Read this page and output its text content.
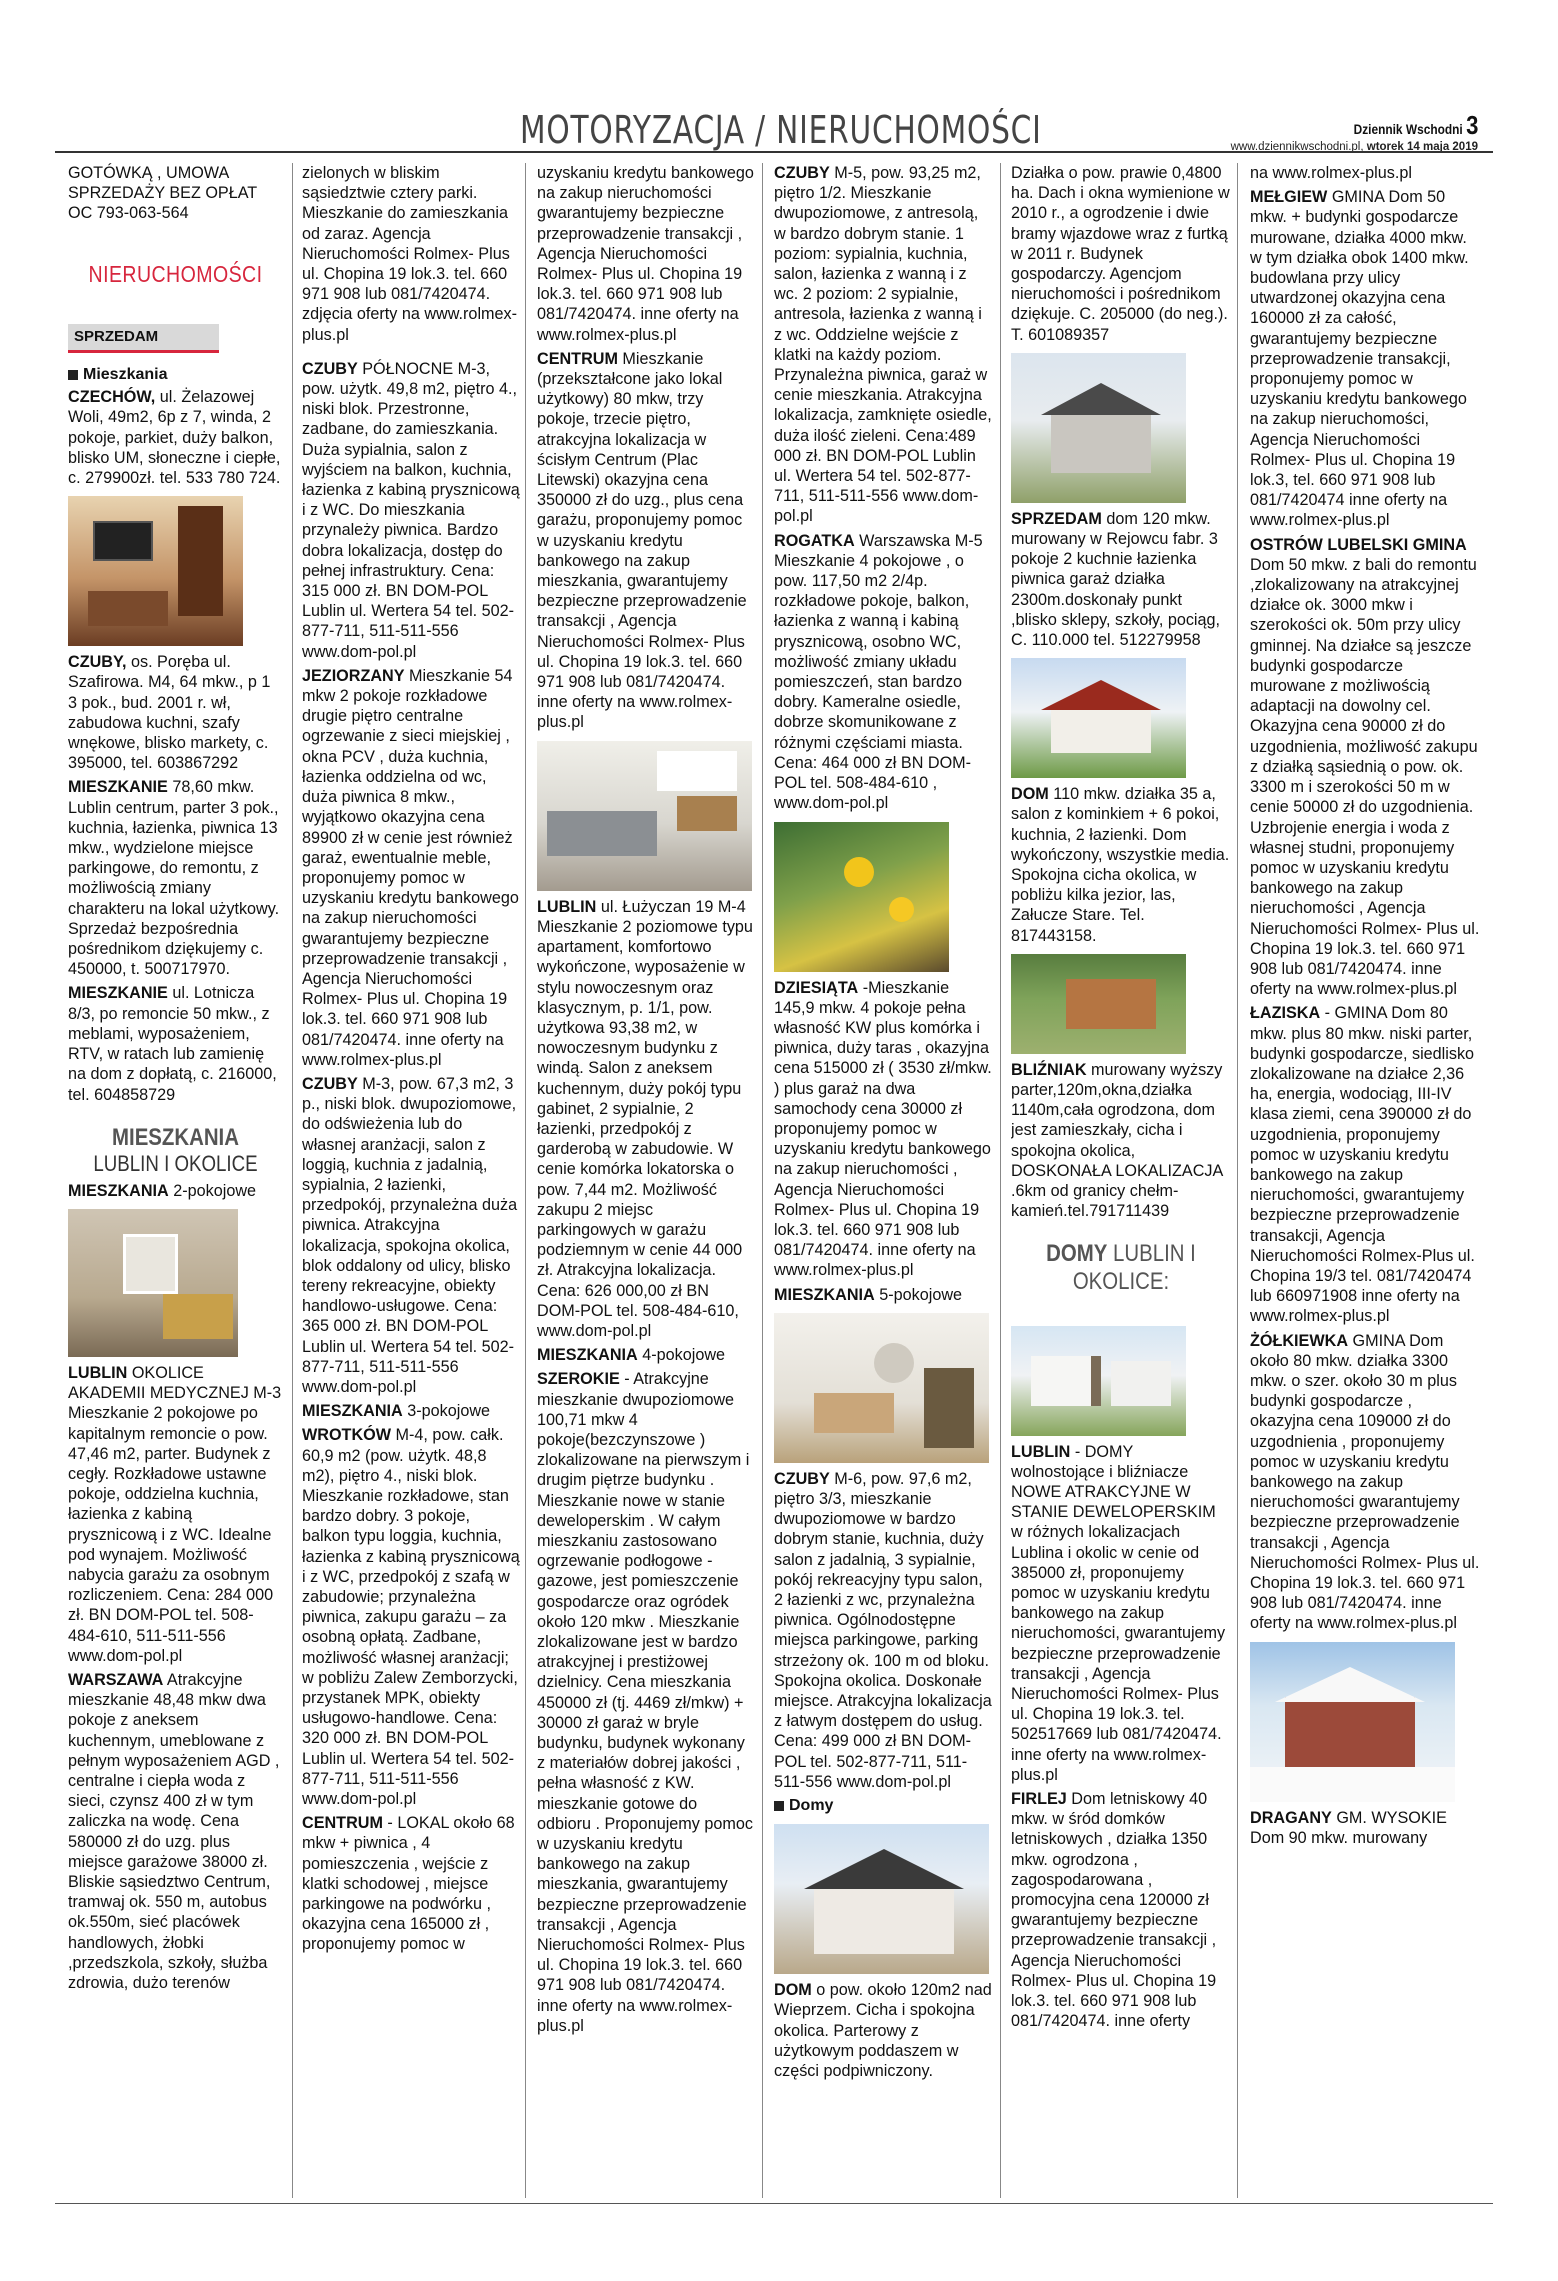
MOTORYZACJA / NIERUCHOMOŚCI	Dziennik Wschodni 3
www.dziennikwschodni.pl, wtorek 14 maja 2019

GOTÓWKĄ , UMOWA SPRZEDAŻY BEZ OPŁAT OC 793-063-564

NIERUCHOMOŚCI
SPRZEDAM
Mieszkania

CZECHÓW, ul. Żelazowej Woli, 49m2, 6p z 7, winda, 2 pokoje, parkiet, duży balkon, blisko UM, słoneczne i ciepłe, c. 279900zł. tel. 533 780 724.

CZUBY, os. Poręba ul. Szafirowa. M4, 64 mkw., p 1 3 pok., bud. 2001 r. wł, zabudowa kuchni, szafy wnękowe, blisko markety, c. 395000, tel. 603867292

MIESZKANIE 78,60 mkw. Lublin centrum, parter 3 pok., kuchnia, łazienka, piwnica 13 mkw., wydzielone miejsce parkingowe, do remontu, z możliwością zmiany charakteru na lokal użytkowy. Sprzedaż bezpośrednia pośrednikom dziękujemy c. 450000, t. 500717970.

MIESZKANIE ul. Lotnicza 8/3, po remoncie 50 mkw., z meblami, wyposażeniem, RTV, w ratach lub zamienię na dom z dopłatą, c. 216000, tel. 604858729

MIESZKANIA
LUBLIN I OKOLICE

MIESZKANIA 2-pokojowe

LUBLIN OKOLICE AKADEMII MEDYCZNEJ M-3 Mieszkanie 2 pokojowe po kapitalnym remoncie o pow. 47,46 m2, parter. Budynek z cegły. Rozkładowe ustawne pokoje, oddzielna kuchnia, łazienka z kabiną prysznicową i z WC. Idealne pod wynajem. Możliwość nabycia garażu za osobnym rozliczeniem. Cena: 284 000 zł. BN DOM-POL tel. 508-484-610, 511-511-556 www.dom-pol.pl

WARSZAWA Atrakcyjne mieszkanie 48,48 mkw dwa pokoje z aneksem kuchennym, umeblowane z pełnym wyposażeniem AGD , centralne i ciepła woda z sieci, czynsz 400 zł w tym zaliczka na wodę. Cena 580000 zł do uzg. plus miejsce garażowe 38000 zł. Bliskie sąsiedztwo Centrum, tramwaj ok. 550 m, autobus ok.550m, sieć placówek handlowych, żłobki ,przedszkola, szkoły, służba zdrowia, dużo terenów

zielonych w bliskim sąsiedztwie cztery parki. Mieszkanie do zamieszkania od zaraz. Agencja Nieruchomości Rolmex- Plus ul. Chopina 19 lok.3. tel. 660 971 908 lub 081/7420474. zdjęcia oferty na www.rolmex-plus.pl

CZUBY PÓŁNOCNE M-3, pow. użytk. 49,8 m2, piętro 4., niski blok. Przestronne, zadbane, do zamieszkania. Duża sypialnia, salon z wyjściem na balkon, kuchnia, łazienka z kabiną prysznicową i z WC. Do mieszkania przynależy piwnica. Bardzo dobra lokalizacja, dostęp do pełnej infrastruktury. Cena: 315 000 zł. BN DOM-POL Lublin ul. Wertera 54 tel. 502-877-711, 511-511-556 www.dom-pol.pl

JEZIORZANY Mieszkanie 54 mkw 2 pokoje rozkładowe drugie piętro centralne ogrzewanie z sieci miejskiej , okna PCV , duża kuchnia, łazienka oddzielna od wc, duża piwnica 8 mkw., wyjątkowo okazyjna cena 89900 zł w cenie jest również garaż, ewentualnie meble, proponujemy pomoc w uzyskaniu kredytu bankowego na zakup nieruchomości gwarantujemy bezpieczne przeprowadzenie transakcji , Agencja Nieruchomości Rolmex- Plus ul. Chopina 19 lok.3. tel. 660 971 908 lub 081/7420474. inne oferty na www.rolmex-plus.pl

CZUBY M-3, pow. 67,3 m2, 3 p., niski blok. dwupoziomowe, do odświeżenia lub do własnej aranżacji, salon z loggią, kuchnia z jadalnią, sypialnia, 2 łazienki, przedpokój, przynależna duża piwnica. Atrakcyjna lokalizacja, spokojna okolica, blok oddalony od ulicy, blisko tereny rekreacyjne, obiekty handlowo-usługowe. Cena: 365 000 zł. BN DOM-POL Lublin ul. Wertera 54 tel. 502-877-711, 511-511-556 www.dom-pol.pl

MIESZKANIA 3-pokojowe

WROTKÓW M-4, pow. całk. 60,9 m2 (pow. użytk. 48,8 m2), piętro 4., niski blok. Mieszkanie rozkładowe, stan bardzo dobry. 3 pokoje, balkon typu loggia, kuchnia, łazienka z kabiną prysznicową i z WC, przedpokój z szafą w zabudowie; przynależna piwnica, zakupu garażu – za osobną opłatą. Zadbane, możliwość własnej aranżacji; w pobliżu Zalew Zemborzycki, przystanek MPK, obiekty usługowo-handlowe. Cena: 320 000 zł. BN DOM-POL Lublin ul. Wertera 54 tel. 502-877-711, 511-511-556 www.dom-pol.pl

CENTRUM - LOKAL około 68 mkw + piwnica , 4 pomieszczenia , wejście z klatki schodowej , miejsce parkingowe na podwórku , okazyjna cena 165000 zł , proponujemy pomoc w

uzyskaniu kredytu bankowego na zakup nieruchomości gwarantujemy bezpieczne przeprowadzenie transakcji , Agencja Nieruchomości Rolmex- Plus ul. Chopina 19 lok.3. tel. 660 971 908 lub 081/7420474. inne oferty na www.rolmex-plus.pl

CENTRUM Mieszkanie (przekształcone jako lokal użytkowy) 80 mkw, trzy pokoje, trzecie piętro, atrakcyjna lokalizacja w ścisłym Centrum (Plac Litewski) okazyjna cena 350000 zł do uzg., plus cena garażu, proponujemy pomoc w uzyskaniu kredytu bankowego na zakup mieszkania, gwarantujemy bezpieczne przeprowadzenie transakcji , Agencja Nieruchomości Rolmex- Plus ul. Chopina 19 lok.3. tel. 660 971 908 lub 081/7420474. inne oferty na www.rolmex-plus.pl

LUBLIN ul. Łużyczan 19 M-4 Mieszkanie 2 poziomowe typu apartament, komfortowo wykończone, wyposażenie w stylu nowoczesnym oraz klasycznym, p. 1/1, pow. użytkowa 93,38 m2, w nowoczesnym budynku z windą. Salon z aneksem kuchennym, duży pokój typu gabinet, 2 sypialnie, 2 łazienki, przedpokój z garderobą w zabudowie. W cenie komórka lokatorska o pow. 7,44 m2. Możliwość zakupu 2 miejsc parkingowych w garażu podziemnym w cenie 44 000 zł. Atrakcyjna lokalizacja. Cena: 626 000,00 zł BN DOM-POL tel. 508-484-610, www.dom-pol.pl

MIESZKANIA 4-pokojowe

SZEROKIE - Atrakcyjne mieszkanie dwupoziomowe 100,71 mkw 4 pokoje(bezczynszowe ) zlokalizowane na pierwszym i drugim piętrze budynku . Mieszkanie nowe w stanie deweloperskim . W całym mieszkaniu zastosowano ogrzewanie podłogowe - gazowe, jest pomieszczenie gospodarcze oraz ogródek około 120 mkw . Mieszkanie zlokalizowane jest w bardzo atrakcyjnej i prestiżowej dzielnicy. Cena mieszkania 450000 zł (tj. 4469 zł/mkw) + 30000 zł garaż w bryle budynku, budynek wykonany z materiałów dobrej jakości , pełna własność z KW. mieszkanie gotowe do odbioru . Proponujemy pomoc w uzyskaniu kredytu bankowego na zakup mieszkania, gwarantujemy bezpieczne przeprowadzenie transakcji , Agencja Nieruchomości Rolmex- Plus ul. Chopina 19 lok.3. tel. 660 971 908 lub 081/7420474. inne oferty na www.rolmex-plus.pl

CZUBY M-5, pow. 93,25 m2, piętro 1/2. Mieszkanie dwupoziomowe, z antresolą, w bardzo dobrym stanie. 1 poziom: sypialnia, kuchnia, salon, łazienka z wanną i z wc. 2 poziom: 2 sypialnie, antresola, łazienka z wanną i z wc. Oddzielne wejście z klatki na każdy poziom. Przynależna piwnica, garaż w cenie mieszkania. Atrakcyjna lokalizacja, zamknięte osiedle, duża ilość zieleni. Cena:489 000 zł. BN DOM-POL Lublin ul. Wertera 54 tel. 502-877-711, 511-511-556 www.dom-pol.pl

ROGATKA Warszawska M-5 Mieszkanie 4 pokojowe , o pow. 117,50 m2 2/4p. rozkładowe pokoje, balkon, łazienka z wanną i kabiną prysznicową, osobno WC, możliwość zmiany układu pomieszczeń, stan bardzo dobry. Kameralne osiedle, dobrze skomunikowane z różnymi częściami miasta. Cena: 464 000 zł BN DOM-POL tel. 508-484-610 , www.dom-pol.pl

DZIESIĄTA -Mieszkanie 145,9 mkw. 4 pokoje pełna własność KW plus komórka i piwnica, duży taras , okazyjna cena 515000 zł ( 3530 zł/mkw. ) plus garaż na dwa samochody cena 30000 zł proponujemy pomoc w uzyskaniu kredytu bankowego na zakup nieruchomości , Agencja Nieruchomości Rolmex- Plus ul. Chopina 19 lok.3. tel. 660 971 908 lub 081/7420474. inne oferty na www.rolmex-plus.pl

MIESZKANIA 5-pokojowe

CZUBY M-6, pow. 97,6 m2, piętro 3/3, mieszkanie dwupoziomowe w bardzo dobrym stanie, kuchnia, duży salon z jadalnią, 3 sypialnie, pokój rekreacyjny typu salon, 2 łazienki z wc, przynależna piwnica. Ogólnodostępne miejsca parkingowe, parking strzeżony ok. 100 m od bloku. Spokojna okolica. Doskonałe miejsce. Atrakcyjna lokalizacja z łatwym dostępem do usług. Cena: 499 000 zł BN DOM-POL tel. 502-877-711, 511-511-556 www.dom-pol.pl

Domy

DOM o pow. około 120m2 nad Wieprzem. Cicha i spokojna okolica. Parterowy z użytkowym poddaszem w części podpiwniczony.

Działka o pow. prawie 0,4800 ha. Dach i okna wymienione w 2010 r., a ogrodzenie i dwie bramy wjazdowe wraz z furtką w 2011 r. Budynek gospodarczy. Agencjom nieruchomości i pośrednikom dziękuje. C. 205000 (do neg.). T. 601089357

SPRZEDAM dom 120 mkw. murowany w Rejowcu fabr. 3 pokoje 2 kuchnie łazienka piwnica garaż działka 2300m.doskonały punkt ,blisko sklepy, szkoły, pociąg, C. 110.000 tel. 512279958

DOM 110 mkw. działka 35 a, salon z kominkiem + 6 pokoi, kuchnia, 2 łazienki. Dom wykończony, wszystkie media. Spokojna cicha okolica, w pobliżu kilka jezior, las, Załucze Stare. Tel. 817443158.

BLIŹNIAK murowany wyższy parter,120m,okna,działka 1140m,cała ogrodzona, dom jest zamieszkały, cicha i spokojna okolica, DOSKONAŁA LOKALIZACJA .6km od granicy chełm-kamień.tel.791711439

DOMY LUBLIN I
OKOLICE:

LUBLIN - DOMY wolnostojące i bliźniacze NOWE ATRAKCYJNE W STANIE DEWELOPERSKIM w różnych lokalizacjach Lublina i okolic w cenie od 385000 zł, proponujemy pomoc w uzyskaniu kredytu bankowego na zakup nieruchomości, gwarantujemy bezpieczne przeprowadzenie transakcji , Agencja Nieruchomości Rolmex- Plus ul. Chopina 19 lok.3. tel. 502517669 lub 081/7420474. inne oferty na www.rolmex-plus.pl

FIRLEJ Dom letniskowy 40 mkw. w śród domków letniskowych , działka 1350 mkw. ogrodzona , zagospodarowana , promocyjna cena 120000 zł gwarantujemy bezpieczne przeprowadzenie transakcji , Agencja Nieruchomości Rolmex- Plus ul. Chopina 19 lok.3. tel. 660 971 908 lub 081/7420474. inne oferty

na www.rolmex-plus.pl

MEŁGIEW GMINA Dom 50 mkw. + budynki gospodarcze murowane, działka 4000 mkw. w tym działka obok 1400 mkw. budowlana przy ulicy utwardzonej okazyjna cena 160000 zł za całość, gwarantujemy bezpieczne przeprowadzenie transakcji, proponujemy pomoc w uzyskaniu kredytu bankowego na zakup nieruchomości, Agencja Nieruchomości Rolmex- Plus ul. Chopina 19 lok.3, tel. 660 971 908 lub 081/7420474 inne oferty na www.rolmex-plus.pl

OSTRÓW LUBELSKI GMINA Dom 50 mkw. z bali do remontu ,zlokalizowany na atrakcyjnej działce ok. 3000 mkw i szerokości ok. 50m przy ulicy gminnej. Na działce są jeszcze budynki gospodarcze murowane z możliwością adaptacji na dowolny cel. Okazyjna cena 90000 zł do uzgodnienia, możliwość zakupu z działką sąsiednią o pow. ok. 3300 m i szerokości 50 m w cenie 50000 zł do uzgodnienia. Uzbrojenie energia i woda z własnej studni, proponujemy pomoc w uzyskaniu kredytu bankowego na zakup nieruchomości , Agencja Nieruchomości Rolmex- Plus ul. Chopina 19 lok.3. tel. 660 971 908 lub 081/7420474. inne oferty na www.rolmex-plus.pl

ŁAZISKA - GMINA Dom 80 mkw. plus 80 mkw. niski parter, budynki gospodarcze, siedlisko zlokalizowane na działce 2,36 ha, energia, wodociąg, III-IV klasa ziemi, cena 390000 zł do uzgodnienia, proponujemy pomoc w uzyskaniu kredytu bankowego na zakup nieruchomości, gwarantujemy bezpieczne przeprowadzenie transakcji, Agencja Nieruchomości Rolmex-Plus ul. Chopina 19/3 tel. 081/7420474 lub 660971908 inne oferty na www.rolmex-plus.pl

ŻÓŁKIEWKA GMINA Dom około 80 mkw. działka 3300 mkw. o szer. około 30 m plus budynki gospodarcze , okazyjna cena 109000 zł do uzgodnienia , proponujemy pomoc w uzyskaniu kredytu bankowego na zakup nieruchomości gwarantujemy bezpieczne przeprowadzenie transakcji , Agencja Nieruchomości Rolmex- Plus ul. Chopina 19 lok.3. tel. 660 971 908 lub 081/7420474. inne oferty na www.rolmex-plus.pl

DRAGANY GM. WYSOKIE Dom 90 mkw. murowany
